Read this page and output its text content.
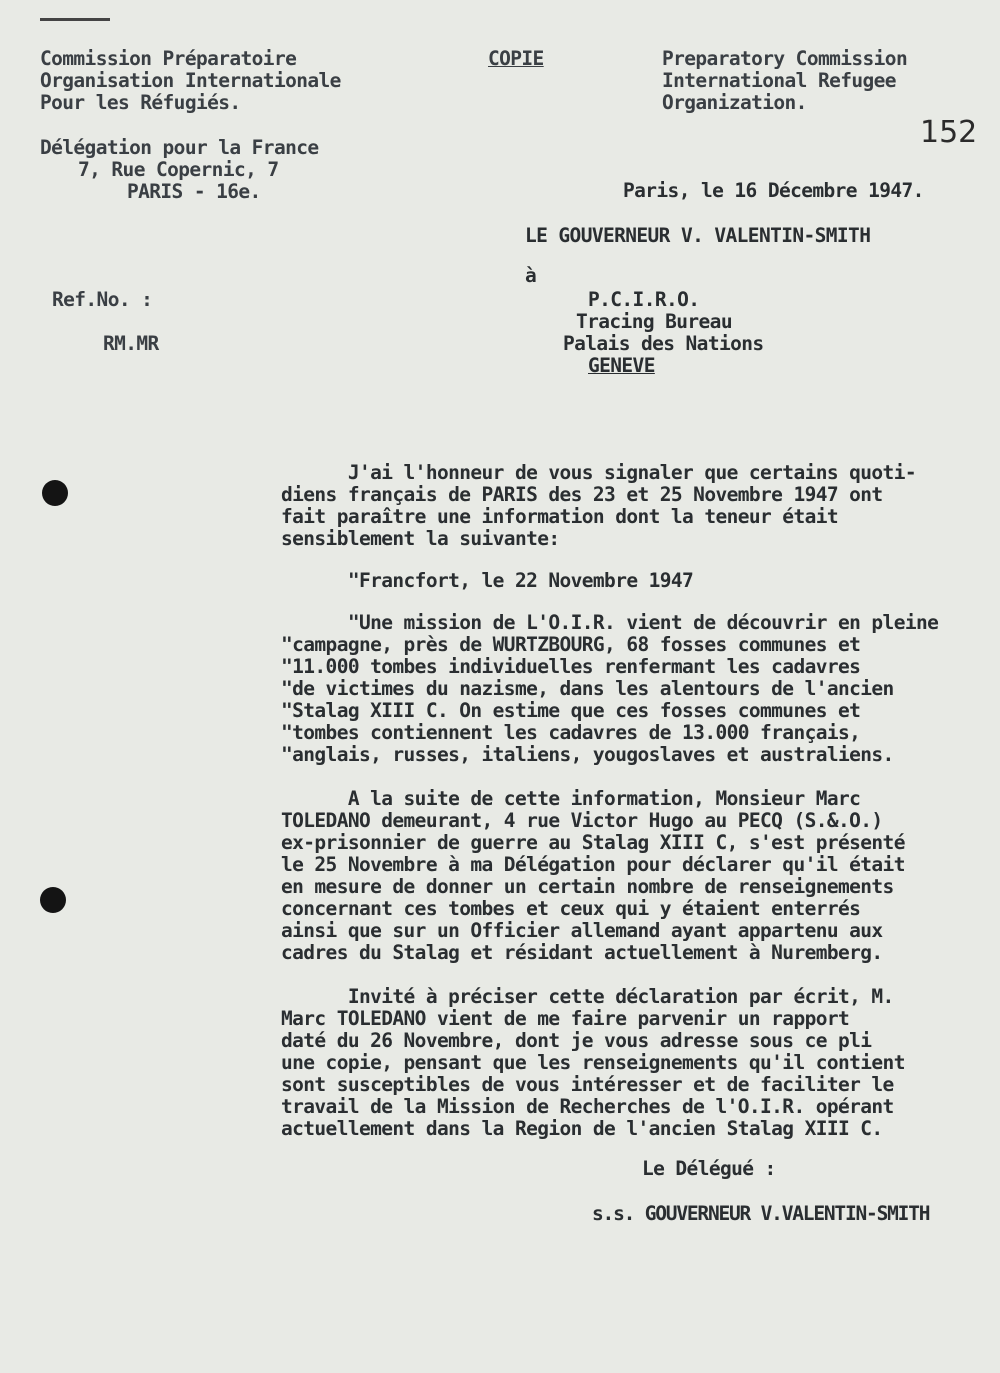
Commission Préparatoire
Organisation Internationale
Pour les Réfugiés.
COPIE	Preparatory Commission
International Refugee
Organization.
152
Délégation pour la France
7, Rue Copernic, 7
PARIS - 16e.	Paris, le 16 Décembre 1947.
LE GOUVERNEUR V. VALENTIN-SMITH
à
Ref.No. :
RM.MR
P.C.I.R.O.
Tracing Bureau
Palais des Nations
GENEVE
J'ai l'honneur de vous signaler que certains quoti-
diens français de PARIS des 23 et 25 Novembre 1947 ont
fait paraître une information dont la teneur était
sensiblement la suivante:
"Francfort, le 22 Novembre 1947
"Une mission de L'O.I.R. vient de découvrir en pleine
"campagne, près de WURTZBOURG, 68 fosses communes et
"11.000 tombes individuelles renfermant les cadavres
"de victimes du nazisme, dans les alentours de l'ancien
"Stalag XIII C. On estime que ces fosses communes et
"tombes contiennent les cadavres de 13.000 français,
"anglais, russes, italiens, yougoslaves et australiens.
A la suite de cette information, Monsieur Marc
TOLEDANO demeurant, 4 rue Victor Hugo au PECQ (S.&.O.)
ex-prisonnier de guerre au Stalag XIII C, s'est présenté
le 25 Novembre à ma Délégation pour déclarer qu'il était
en mesure de donner un certain nombre de renseignements
concernant ces tombes et ceux qui y étaient enterrés
ainsi que sur un Officier allemand ayant appartenu aux
cadres du Stalag et résidant actuellement à Nuremberg.
Invité à préciser cette déclaration par écrit, M.
Marc TOLEDANO vient de me faire parvenir un rapport
daté du 26 Novembre, dont je vous adresse sous ce pli
une copie, pensant que les renseignements qu'il contient
sont susceptibles de vous intéresser et de faciliter le
travail de la Mission de Recherches de l'O.I.R. opérant
actuellement dans la Region de l'ancien Stalag XIII C.
Le Délégué :
s.s. GOUVERNEUR V.VALENTIN-SMITH
